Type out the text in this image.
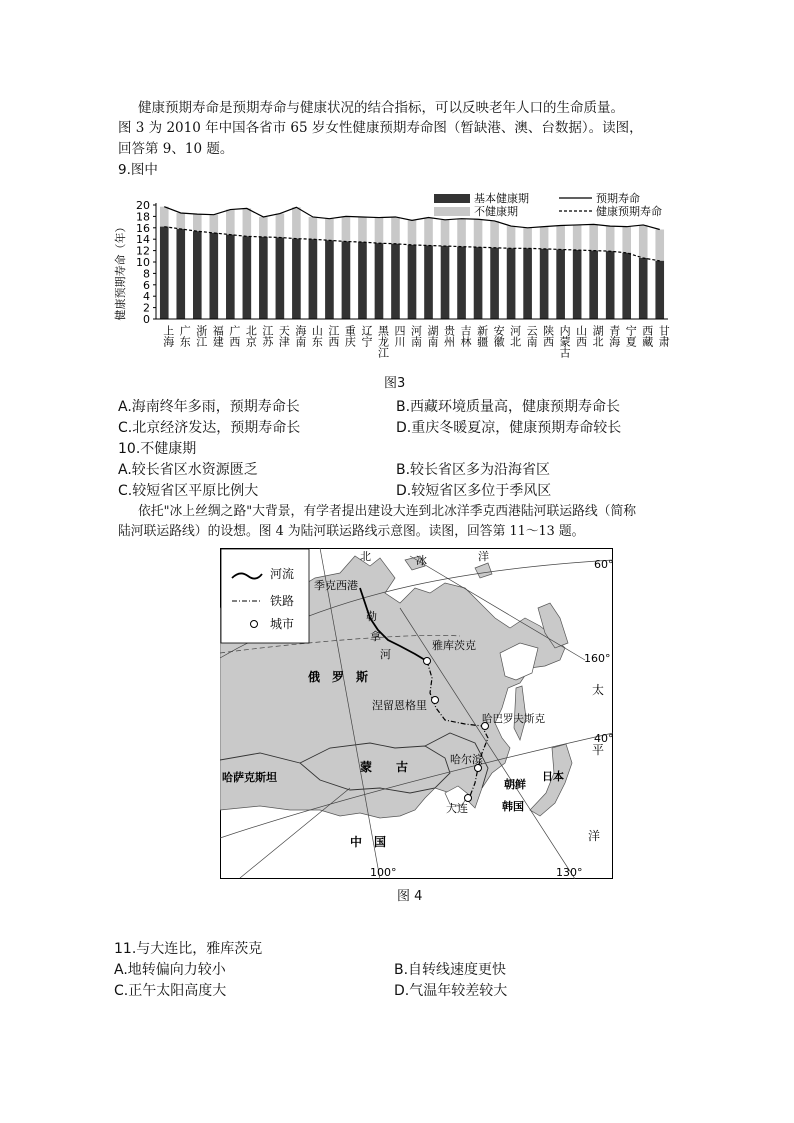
健康预期寿命是预期寿命与健康状况的结合指标，可以反映老年人口的生命质量。
图 3 为 2010 年中国各省市 65 岁女性健康预期寿命图（暂缺港、澳、台数据）。读图，
回答第 9、10 题。
9.图中
0
2
4
6
8
10
12
14
16
18
20
上海 广东 浙江 福建 广西 北京 江苏 天津 海南 山东 江西 重庆 辽宁 黑龙江 四川 河南 湖南 贵州 吉林 新疆 安徽 河北 云南 陕西 内蒙古 山西 湖北 青海 宁夏 西藏 甘肃
基本健康期
不健康期
预期寿命
健康预期寿命
健康预期寿命（年）
图3
A.海南终年多雨，预期寿命长	B.西藏环境质量高，健康预期寿命长
C.北京经济发达，预期寿命长	D.重庆冬暖夏凉，健康预期寿命较长
10.不健康期
A.较长省区水资源匮乏	B.较长省区多为沿海省区
C.较短省区平原比例大	D.较短省区多位于季风区
依托"冰上丝绸之路"大背景，有学者提出建设大连到北冰洋季克西港陆河联运路线（简称
陆河联运路线）的设想。图 4 为陆河联运路线示意图。读图，回答第 11～13 题。
河流
铁路
城市
北	冰	洋
季克西港
雅库茨克
涅留恩格里
哈巴罗夫斯克
哈尔滨
大连
俄　罗　斯
蒙　　古
哈萨克斯坦
中　国
朝鲜
韩国
日本
勒
拿
河
太
平
洋
60°
40°
160°
100°	130°
图 4
11.与大连比，雅库茨克
A.地转偏向力较小	B.自转线速度更快
C.正午太阳高度大	D.气温年较差较大
